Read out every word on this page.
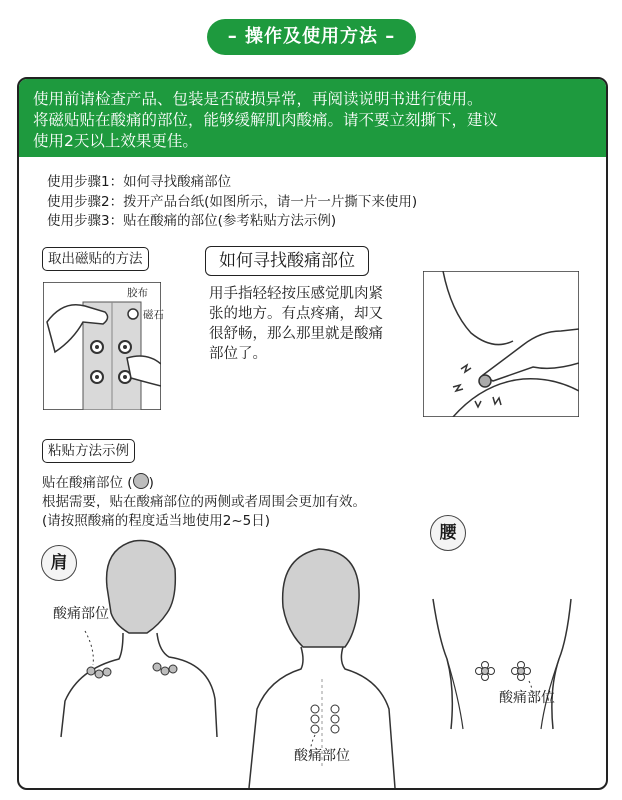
– 操作及使用方法 –
使用前请检查产品、包装是否破损异常，再阅读说明书进行使用。
将磁贴贴在酸痛的部位，能够缓解肌肉酸痛。请不要立刻撕下，建议
使用2天以上效果更佳。
使用步骤1：如何寻找酸痛部位
使用步骤2：拨开产品台纸(如图所示，请一片一片撕下来使用)
使用步骤3：贴在酸痛的部位(参考粘贴方法示例)
取出磁贴的方法
胶布
磁石
如何寻找酸痛部位
用手指轻轻按压感觉肌肉紧张的地方。有点疼痛，却又很舒畅，那么那里就是酸痛部位了。
粘贴方法示例
贴在酸痛部位 ( )
根据需要，贴在酸痛部位的两侧或者周围会更加有效。
(请按照酸痛的程度适当地使用2~5日)
肩
腰
酸痛部位
酸痛部位
酸痛部位
